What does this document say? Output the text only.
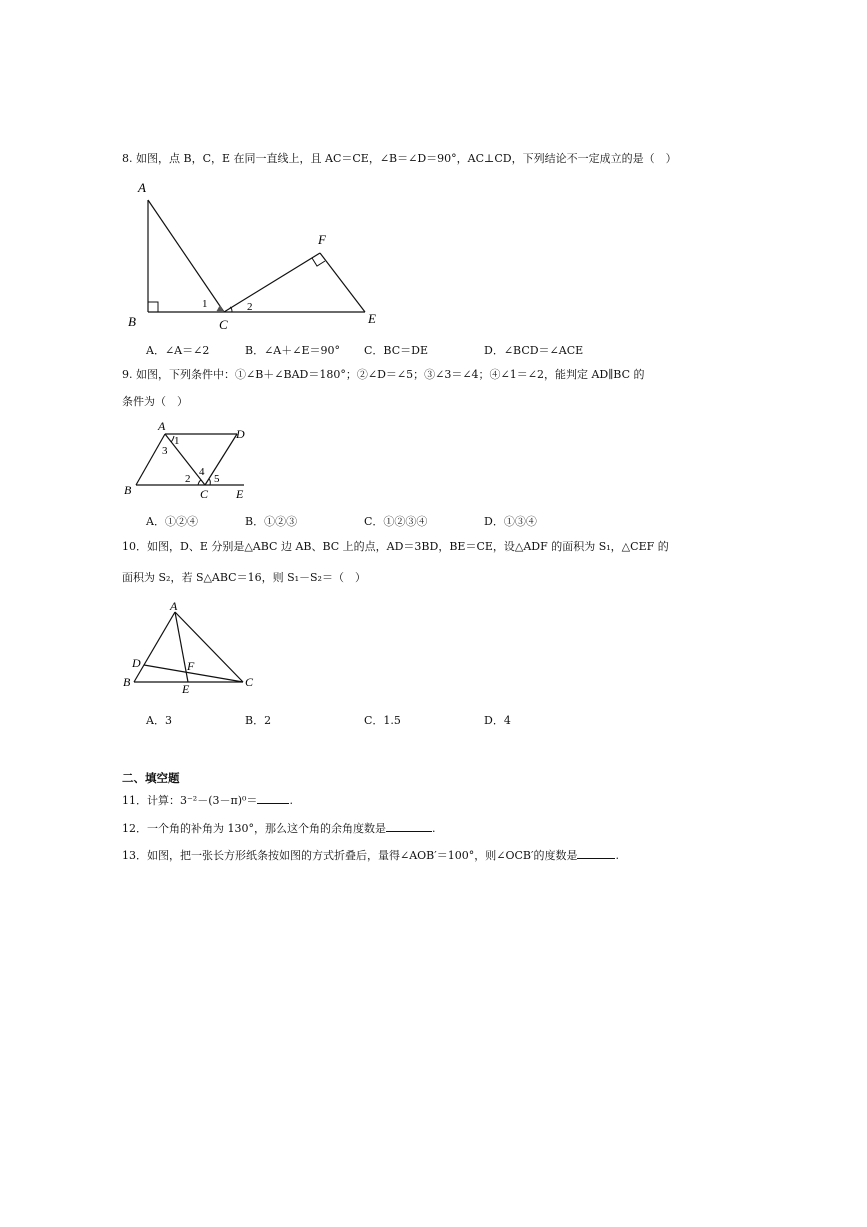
8. 如图，点 B，C，E 在同一直线上，且 AC＝CE，∠B＝∠D＝90°，AC⊥CD，下列结论不一定成立的是（　）
A
B	C	E
F
1	2
A．∠A＝∠2	B．∠A＋∠E＝90° C．BC＝DE	D．∠BCD＝∠ACE
9. 如图，下列条件中：①∠B＋∠BAD＝180°；②∠D＝∠5；③∠3＝∠4；④∠1＝∠2，能判定 AD∥BC 的
条件为（　）
A
D
B	C E
1
3
2
4
5
A．①②④	B．①②③	C．①②③④	D．①③④
10．如图，D、E 分别是△ABC 边 AB、BC 上的点，AD＝3BD，BE＝CE，设△ADF 的面积为 S₁，△CEF 的
面积为 S₂，若 S△ABC＝16，则 S₁－S₂＝（　）
A
D	F
B	E	C
A．3	B．2	C．1.5	D．4
二、填空题
11．计算：3⁻²－(3－π)⁰＝	.
12．一个角的补角为 130°，那么这个角的余角度数是	.
13．如图，把一张长方形纸条按如图的方式折叠后，量得∠AOB′＝100°，则∠OCB′的度数是	.
